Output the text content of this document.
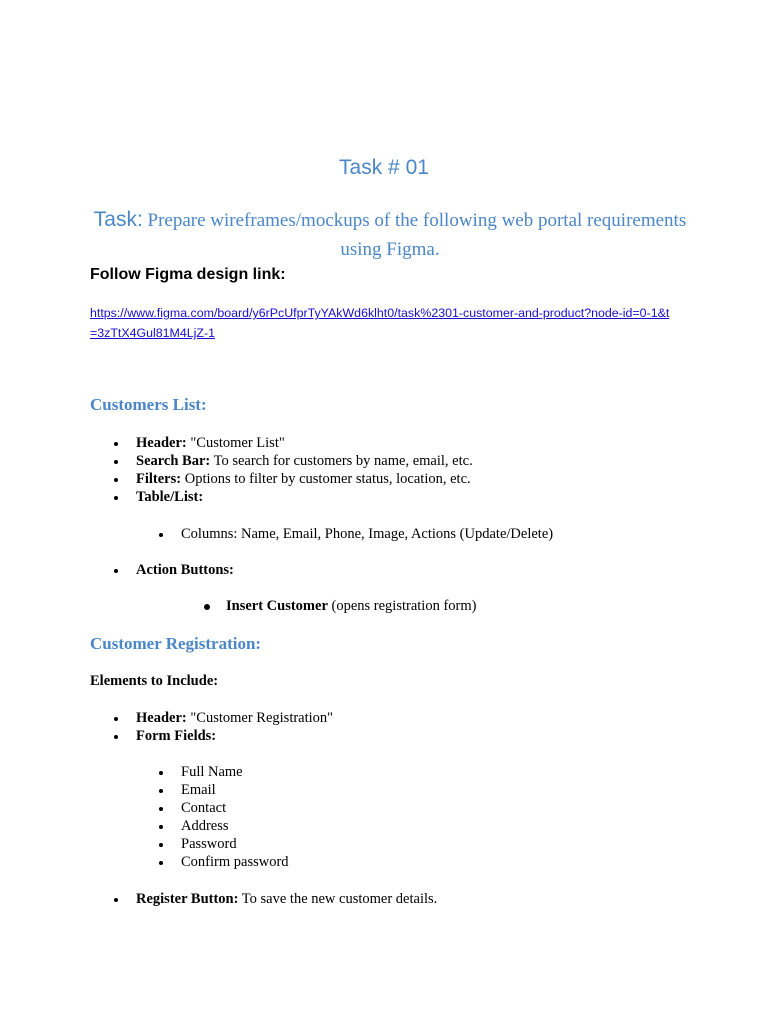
Task # 01
Task: Prepare wireframes/mockups of the following web portal requirements using Figma.
Follow Figma design link:
https://www.figma.com/board/y6rPcUfprTyYAkWd6klht0/task%2301-customer-and-product?node-id=0-1&t=3zTtX4Gul81M4LjZ-1
Customers List:
Header: "Customer List"
Search Bar: To search for customers by name, email, etc.
Filters: Options to filter by customer status, location, etc.
Table/List:
Columns: Name, Email, Phone, Image, Actions (Update/Delete)
Action Buttons:
Insert Customer (opens registration form)
Customer Registration:
Elements to Include:
Header: "Customer Registration"
Form Fields:
Full Name
Email
Contact
Address
Password
Confirm password
Register Button: To save the new customer details.
